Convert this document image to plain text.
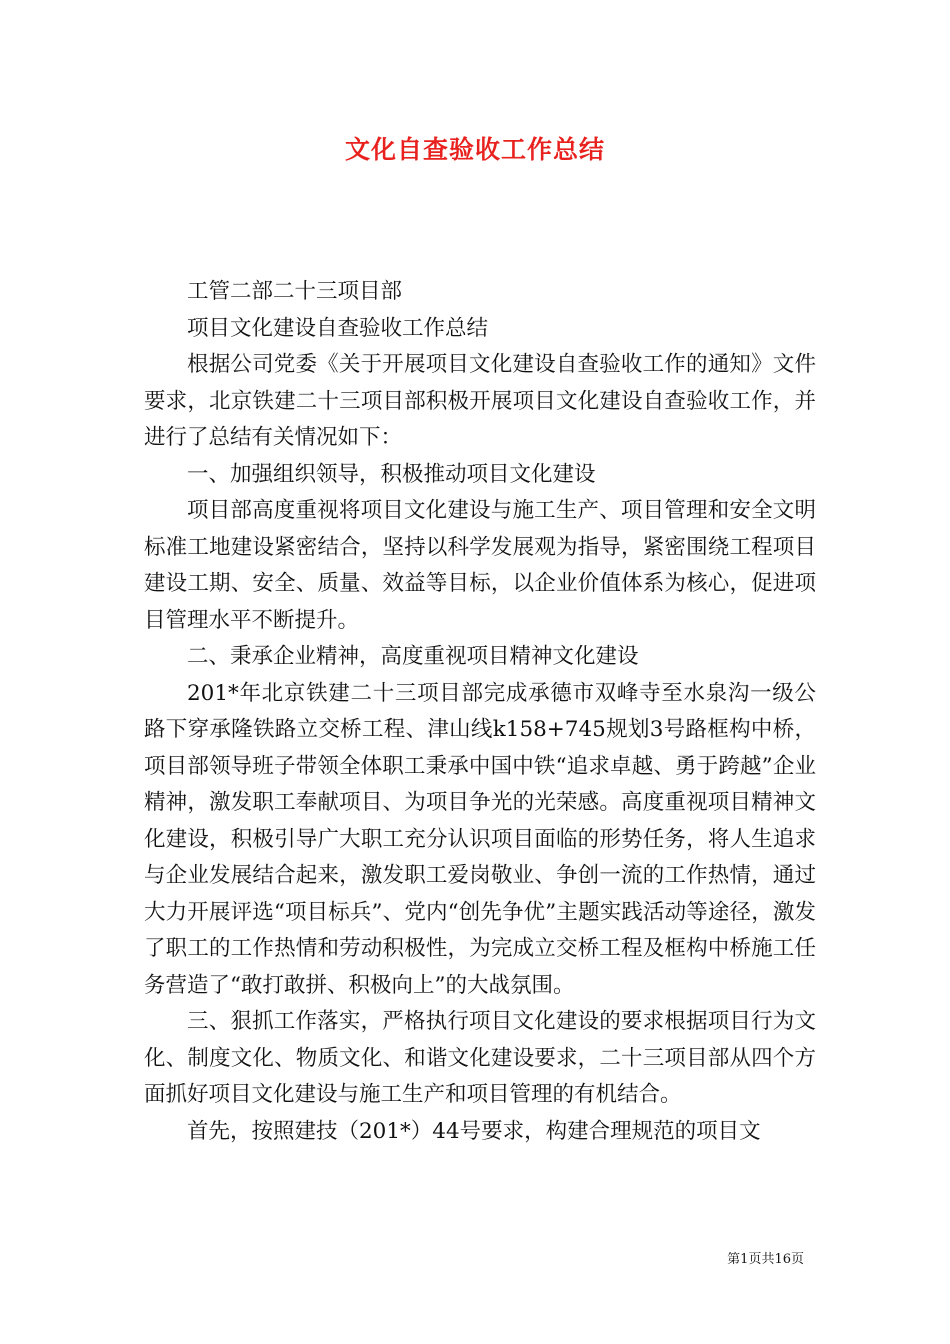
文化自查验收工作总结

工管二部二十三项目部

项目文化建设自查验收工作总结

根据公司党委《关于开展项目文化建设自查验收工作的通知》文件要求，北京铁建二十三项目部积极开展项目文化建设自查验收工作，并进行了总结有关情况如下：

一、加强组织领导，积极推动项目文化建设

项目部高度重视将项目文化建设与施工生产、项目管理和安全文明标准工地建设紧密结合，坚持以科学发展观为指导，紧密围绕工程项目建设工期、安全、质量、效益等目标，以企业价值体系为核心，促进项目管理水平不断提升。

二、秉承企业精神，高度重视项目精神文化建设

201*年北京铁建二十三项目部完成承德市双峰寺至水泉沟一级公路下穿承隆铁路立交桥工程、津山线k158+745规划3号路框构中桥，项目部领导班子带领全体职工秉承中国中铁“追求卓越、勇于跨越”企业精神，激发职工奉献项目、为项目争光的光荣感。高度重视项目精神文化建设，积极引导广大职工充分认识项目面临的形势任务，将人生追求与企业发展结合起来，激发职工爱岗敬业、争创一流的工作热情，通过大力开展评选“项目标兵”、党内“创先争优”主题实践活动等途径，激发了职工的工作热情和劳动积极性，为完成立交桥工程及框构中桥施工任务营造了“敢打敢拼、积极向上”的大战氛围。

三、狠抓工作落实，严格执行项目文化建设的要求根据项目行为文化、制度文化、物质文化、和谐文化建设要求，二十三项目部从四个方面抓好项目文化建设与施工生产和项目管理的有机结合。

首先，按照建技（201*）44号要求，构建合理规范的项目文

第1页共16页
